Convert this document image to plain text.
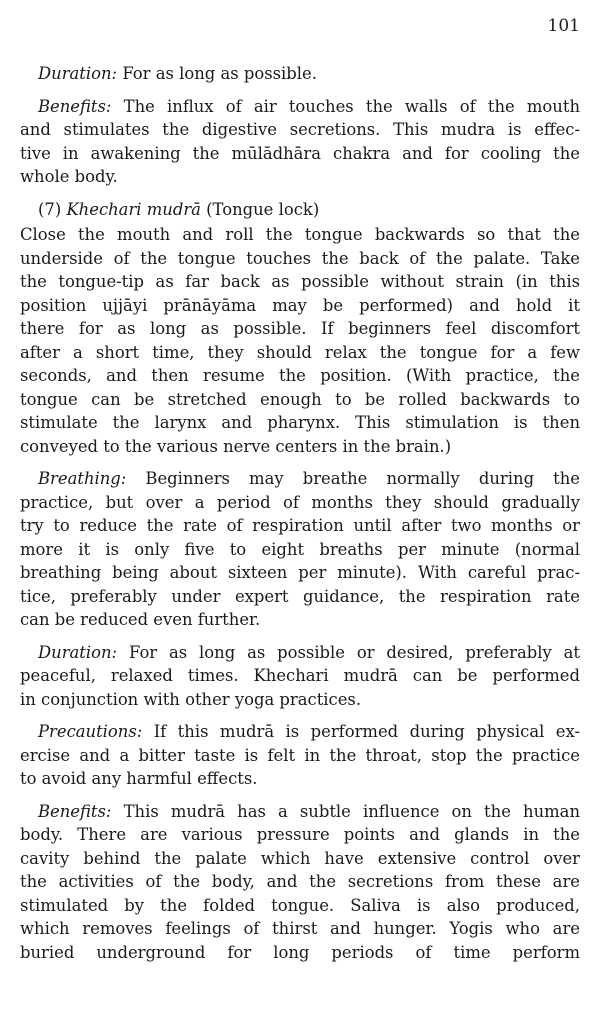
101

Duration: For as long as possible.

Benefits: The influx of air touches the walls of the mouth
and stimulates the digestive secretions. This mudra is effec-
tive in awakening the mūlādhāra chakra and for cooling the
whole body.

(7) Khechari mudrā (Tongue lock)

Close the mouth and roll the tongue backwards so that the
underside of the tongue touches the back of the palate. Take
the tongue-tip as far back as possible without strain (in this
position ujjāyi prānāyāma may be performed) and hold it
there for as long as possible. If beginners feel discomfort
after a short time, they should relax the tongue for a few
seconds, and then resume the position. (With practice, the
tongue can be stretched enough to be rolled backwards to
stimulate the larynx and pharynx. This stimulation is then
conveyed to the various nerve centers in the brain.)

Breathing: Beginners may breathe normally during the
practice, but over a period of months they should gradually
try to reduce the rate of respiration until after two months or
more it is only five to eight breaths per minute (normal
breathing being about sixteen per minute). With careful prac-
tice, preferably under expert guidance, the respiration rate
can be reduced even further.

Duration: For as long as possible or desired, preferably at
peaceful, relaxed times. Khechari mudrā can be performed
in conjunction with other yoga practices.

Precautions: If this mudrā is performed during physical ex-
ercise and a bitter taste is felt in the throat, stop the practice
to avoid any harmful effects.

Benefits: This mudrā has a subtle influence on the human
body. There are various pressure points and glands in the
cavity behind the palate which have extensive control over
the activities of the body, and the secretions from these are
stimulated by the folded tongue. Saliva is also produced,
which removes feelings of thirst and hunger. Yogis who are
buried underground for long periods of time perform
